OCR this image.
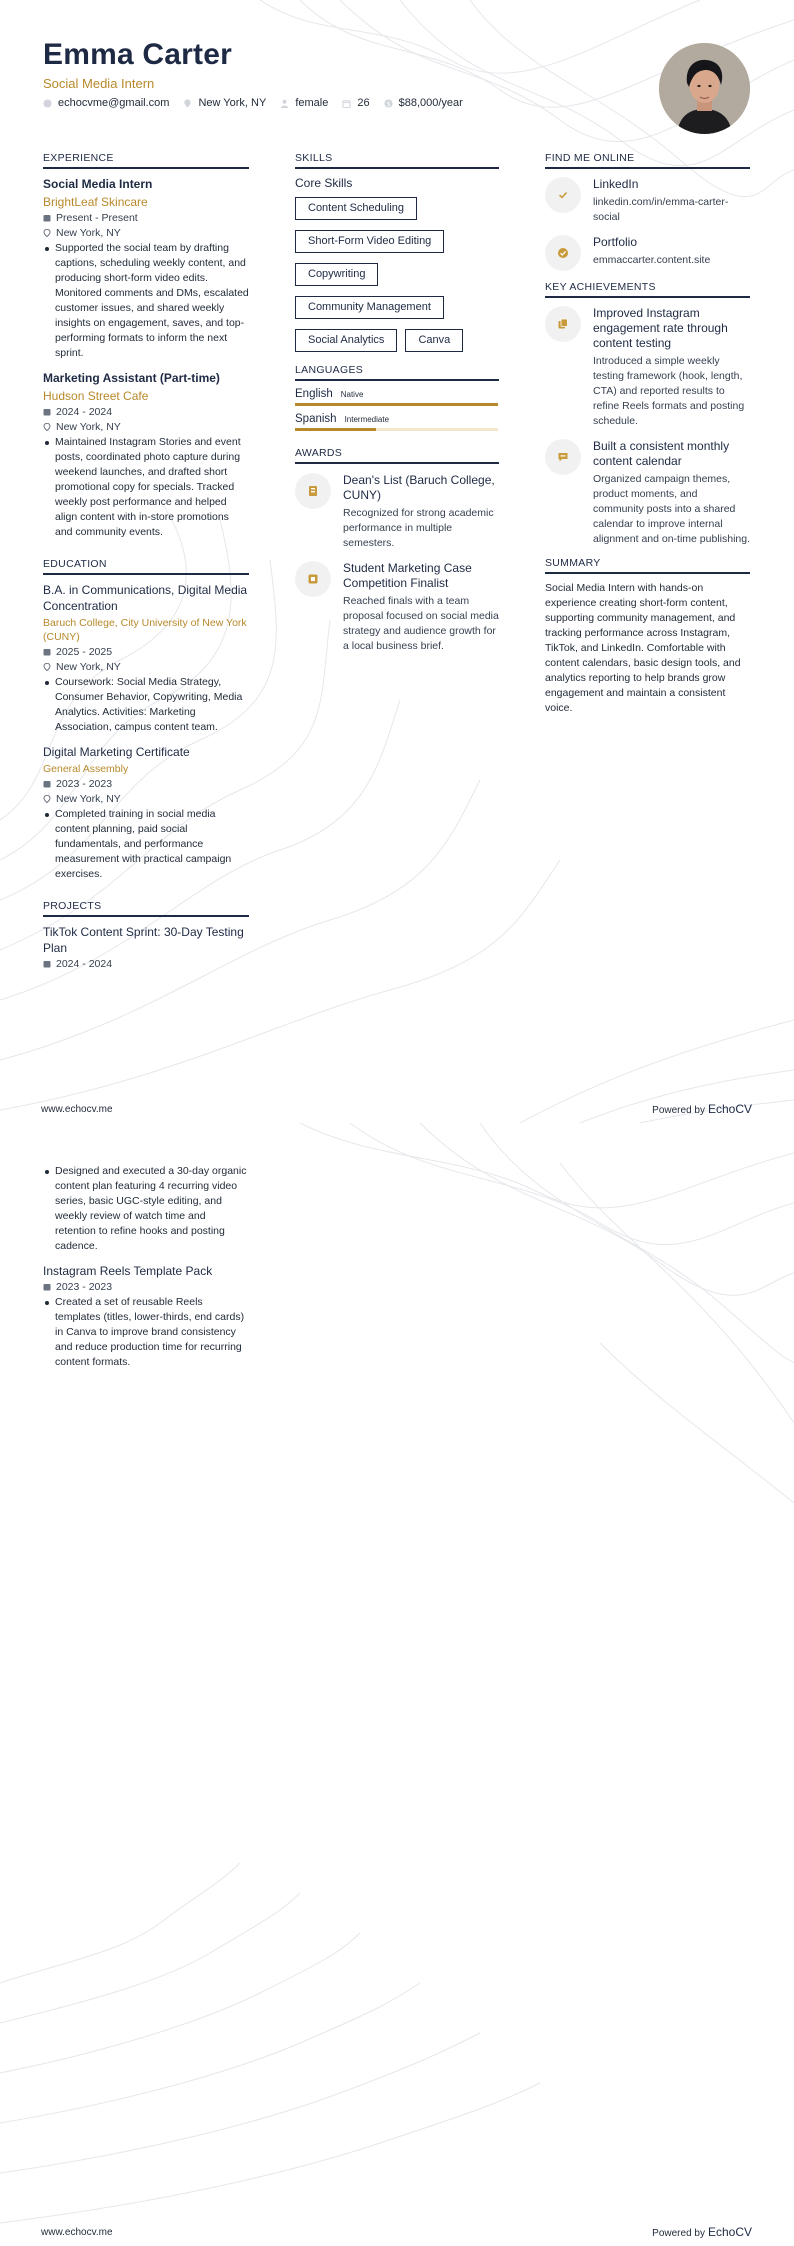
Emma Carter
Social Media Intern
echocvme@gmail.com	New York, NY	female	26 $ $88,000/year
EXPERIENCE
Social Media Intern
BrightLeaf Skincare
Present - Present
New York, NY
Supported the social team by drafting captions, scheduling weekly content, and producing short-form video edits. Monitored comments and DMs, escalated customer issues, and shared weekly insights on engagement, saves, and top-performing formats to inform the next sprint.
Marketing Assistant (Part-time)
Hudson Street Cafe
2024 - 2024
New York, NY
Maintained Instagram Stories and event posts, coordinated photo capture during weekend launches, and drafted short promotional copy for specials. Tracked weekly post performance and helped align content with in-store promotions and community events.
EDUCATION
B.A. in Communications, Digital Media Concentration
Baruch College, City University of New York (CUNY)
2025 - 2025
New York, NY
Coursework: Social Media Strategy, Consumer Behavior, Copywriting, Media Analytics. Activities: Marketing Association, campus content team.
Digital Marketing Certificate
General Assembly
2023 - 2023
New York, NY
Completed training in social media content planning, paid social fundamentals, and performance measurement with practical campaign exercises.
PROJECTS
TikTok Content Sprint: 30-Day Testing Plan
2024 - 2024
SKILLS
Core Skills
Content Scheduling
Short-Form Video Editing
Copywriting
Community Management
Social Analytics	Canva
LANGUAGES
English Native
Spanish Intermediate
AWARDS
Dean's List (Baruch College, CUNY)
Recognized for strong academic performance in multiple semesters.
Student Marketing Case Competition Finalist
Reached finals with a team proposal focused on social media strategy and audience growth for a local business brief.
FIND ME ONLINE
LinkedIn
linkedin.com/in/emma-carter-social
Portfolio
emmaccarter.content.site
KEY ACHIEVEMENTS
Improved Instagram engagement rate through content testing
Introduced a simple weekly testing framework (hook, length, CTA) and reported results to refine Reels formats and posting schedule.
Built a consistent monthly content calendar
Organized campaign themes, product moments, and community posts into a shared calendar to improve internal alignment and on-time publishing.
SUMMARY
Social Media Intern with hands-on experience creating short-form content, supporting community management, and tracking performance across Instagram, TikTok, and LinkedIn. Comfortable with content calendars, basic design tools, and analytics reporting to help brands grow engagement and maintain a consistent voice.
www.echocv.me	Powered by EchoCV
Designed and executed a 30-day organic content plan featuring 4 recurring video series, basic UGC-style editing, and weekly review of watch time and retention to refine hooks and posting cadence.
Instagram Reels Template Pack
2023 - 2023
Created a set of reusable Reels templates (titles, lower-thirds, end cards) in Canva to improve brand consistency and reduce production time for recurring content formats.
www.echocv.me	Powered by EchoCV
